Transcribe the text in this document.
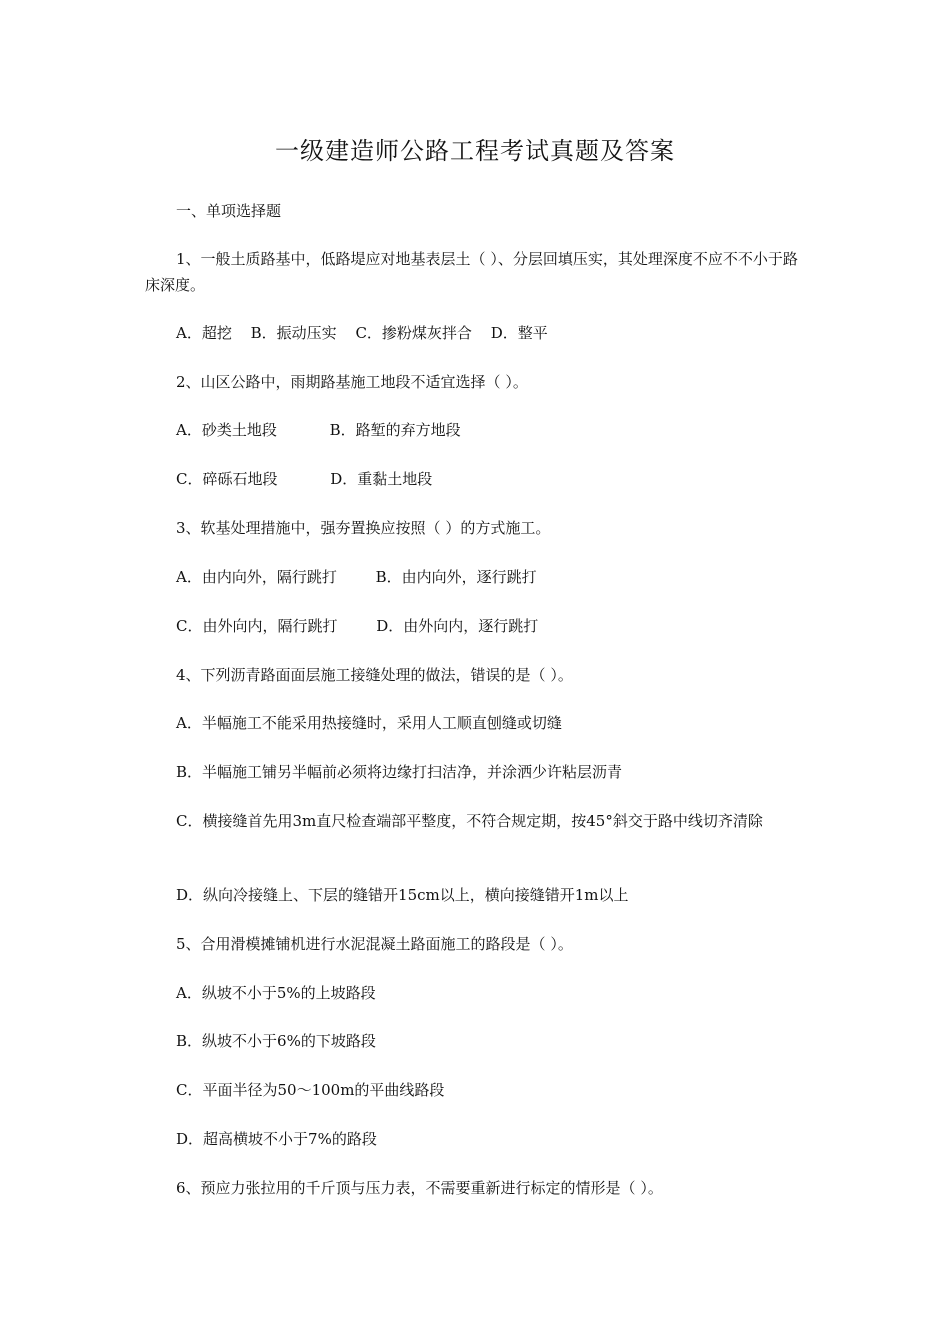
一级建造师公路工程考试真题及答案
一、单项选择题
1、一般土质路基中，低路堤应对地基表层土（ ）、分层回填压实，其处理深度不应不不小于路床深度。
A．超挖 B．振动压实 C．掺粉煤灰拌合 D．整平
2、山区公路中，雨期路基施工地段不适宜选择（ ）。
A．砂类土地段	B．路堑的弃方地段
C．碎砾石地段	D．重黏土地段
3、软基处理措施中，强夯置换应按照（ ）的方式施工。
A．由内向外，隔行跳打	B．由内向外，逐行跳打
C．由外向内，隔行跳打	D．由外向内，逐行跳打
4、下列沥青路面面层施工接缝处理的做法，错误的是（ ）。
A．半幅施工不能采用热接缝时，采用人工顺直刨缝或切缝
B．半幅施工铺另半幅前必须将边缘打扫洁净，并涂洒少许粘层沥青
C．横接缝首先用3m直尺检查端部平整度，不符合规定期，按45°斜交于路中线切齐清除
D．纵向冷接缝上、下层的缝错开15cm以上，横向接缝错开1m以上
5、合用滑模摊铺机进行水泥混凝土路面施工的路段是（ ）。
A．纵坡不小于5%的上坡路段
B．纵坡不小于6%的下坡路段
C．平面半径为50～100m的平曲线路段
D．超高横坡不小于7%的路段
6、预应力张拉用的千斤顶与压力表，不需要重新进行标定的情形是（ ）。
